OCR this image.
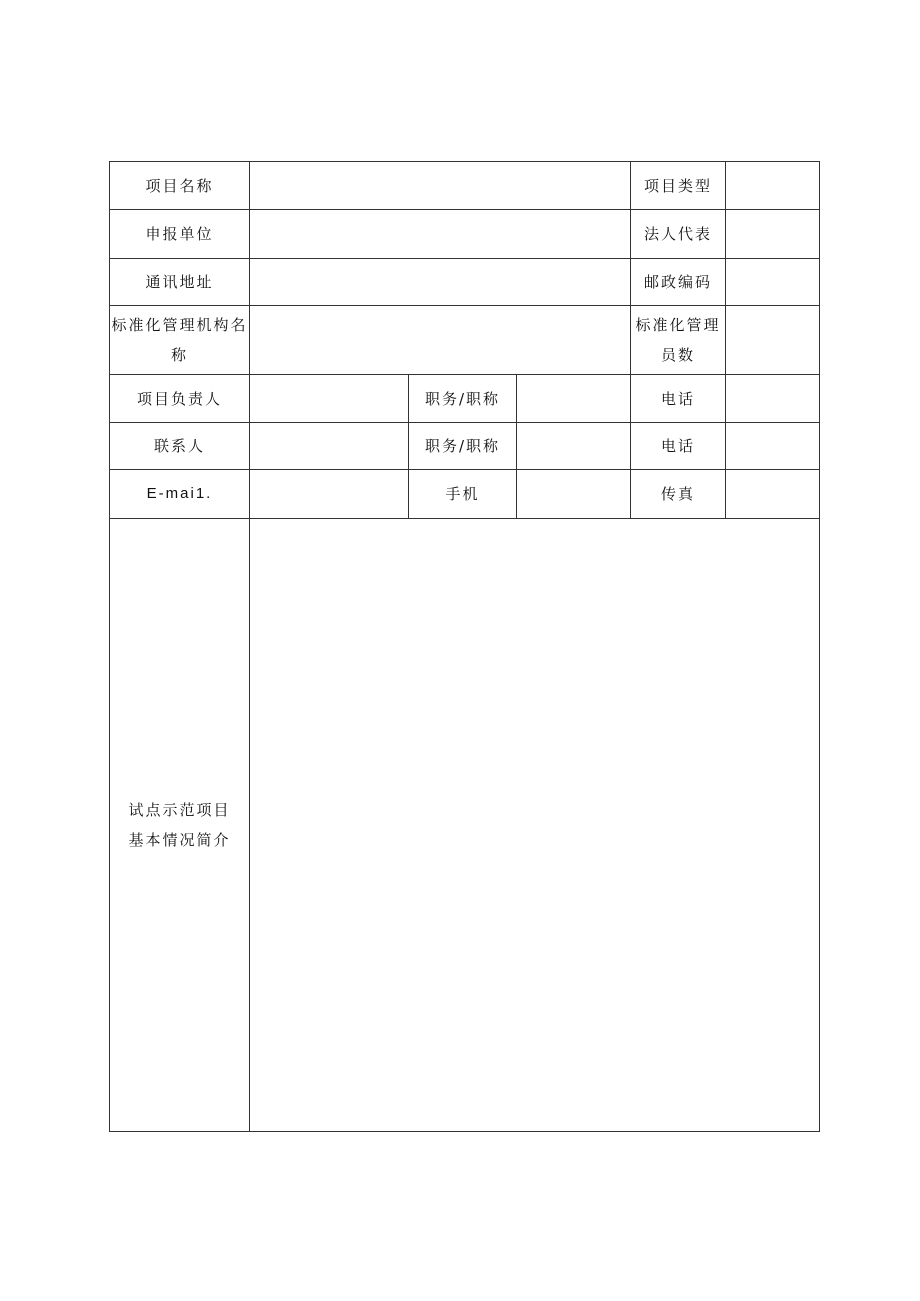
项目名称				项目类型	
申报单位				法人代表	
通讯地址				邮政编码	

标准化管理机构名
称				标准化管理
员数	

项目负责人		职务/职称		电话	
联系人		职务/职称		电话	
E-mai1.		手机		传真	

试点示范项目
基本情况简介					
